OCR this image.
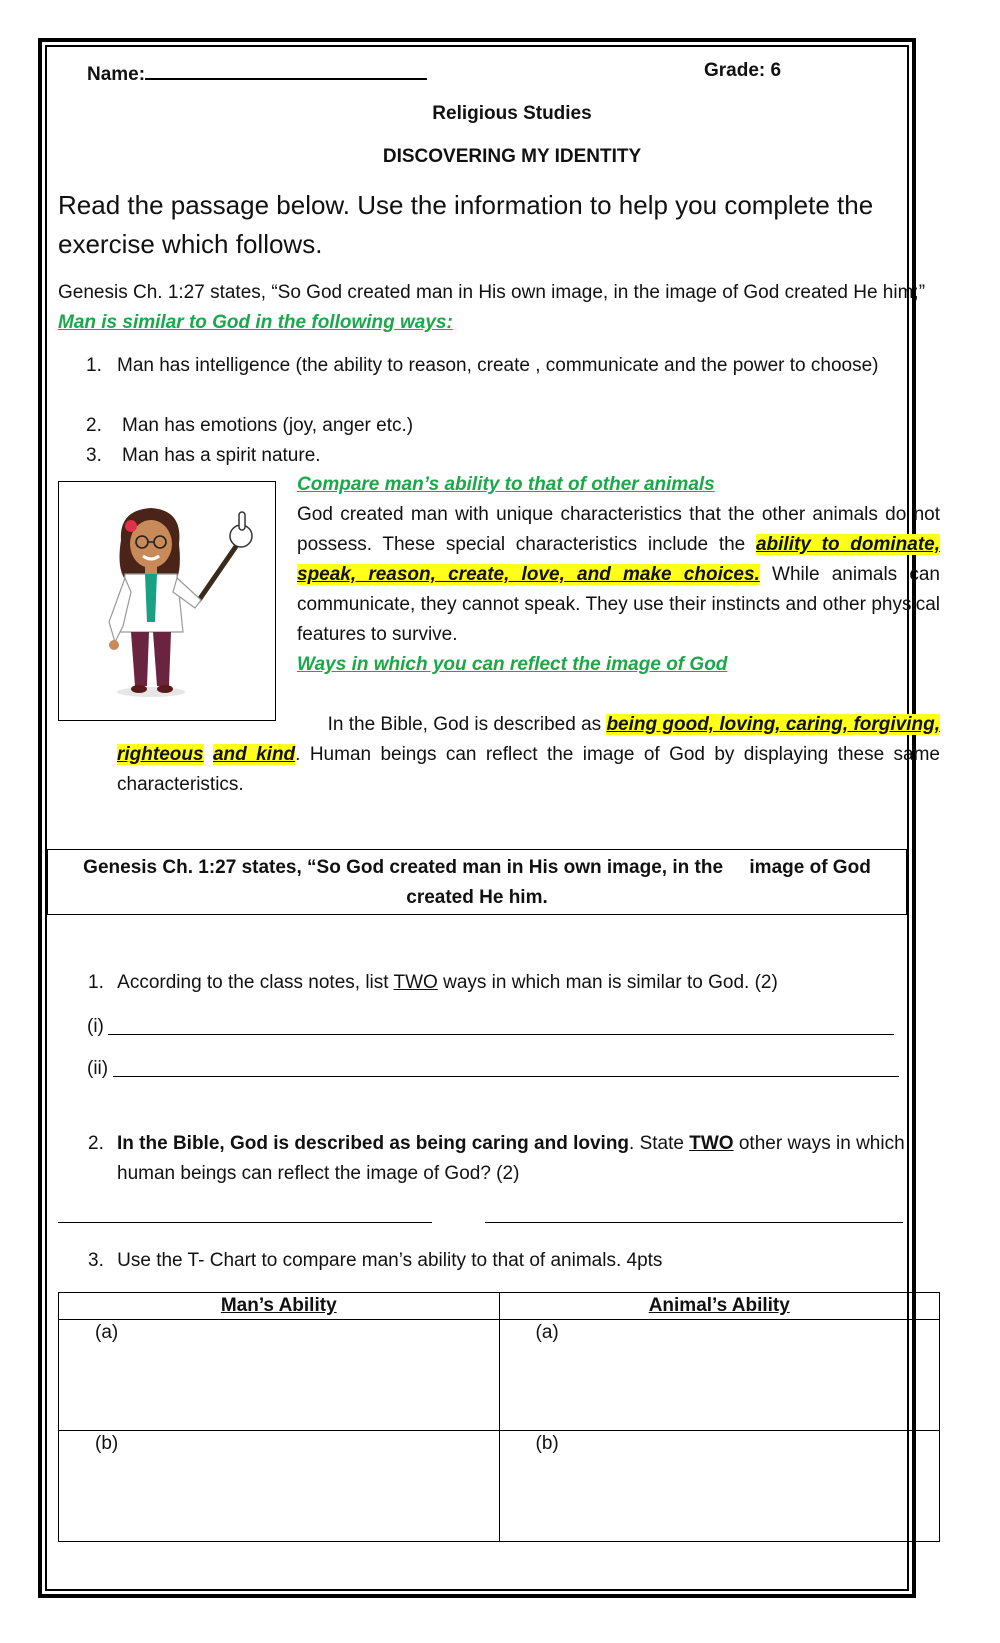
Name:	Grade: 6
Religious Studies
DISCOVERING MY IDENTITY
Read the passage below. Use the information to help you complete the exercise which follows.
Genesis Ch. 1:27 states, “So God created man in His own image, in the image of God created He him;” Man is similar to God in the following ways:
1. Man has intelligence (the ability to reason, create , communicate and the power to choose)
2. Man has emotions (joy, anger etc.)
3. Man has a spirit nature.
Compare man’s ability to that of other animals
God created man with unique characteristics that the other animals do not possess. These special characteristics include the ability to dominate, speak, reason, create, love, and make choices. While animals can communicate, they cannot speak. They use their instincts and other physical features to survive.
Ways in which you can reflect the image of God
In the Bible, God is described as being good, loving, caring, forgiving,
righteous and kind. Human beings can reflect the image of God by displaying these same characteristics.
Genesis Ch. 1:27 states, “So God created man in His own image, in the     image of God
created He him.
1. According to the class notes, list TWO ways in which man is similar to God. (2)
(i)
(ii)
2. In the Bible, God is described as being caring and loving. State TWO other ways in which human beings can reflect the image of God? (2)
3. Use the T- Chart to compare man’s ability to that of animals. 4pts
Man’s Ability	Animal’s Ability
(a)	(a)
(b)	(b)
